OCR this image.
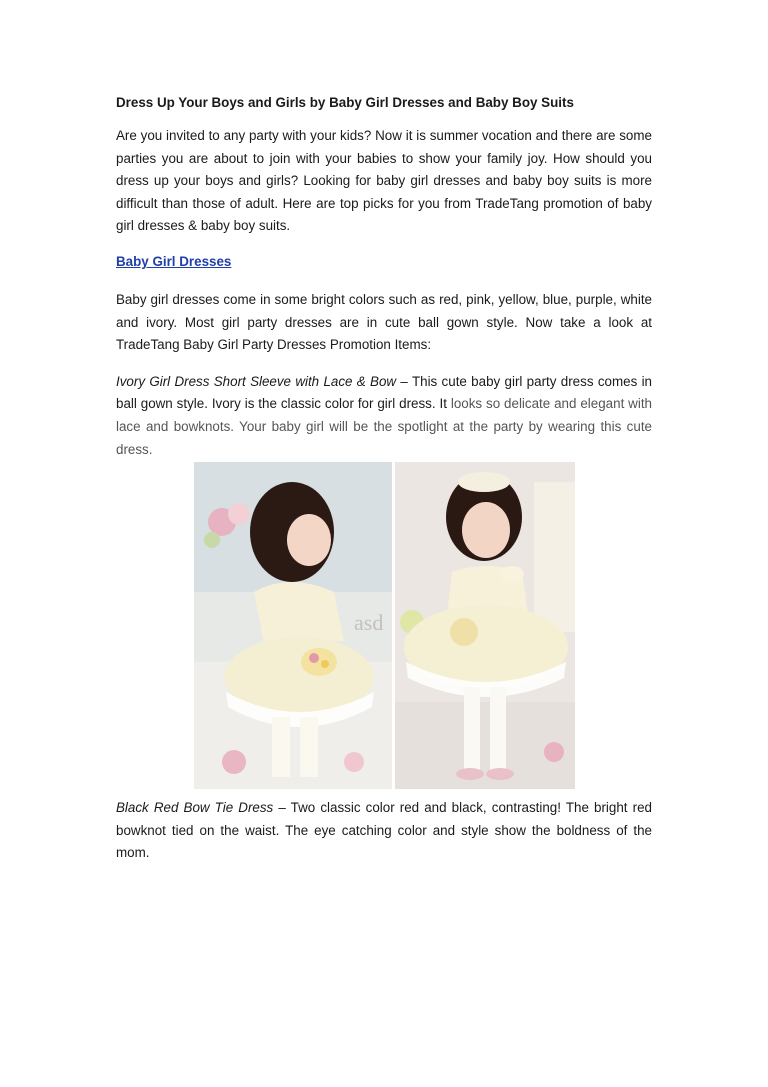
Dress Up Your Boys and Girls by Baby Girl Dresses and Baby Boy Suits

Are you invited to any party with your kids? Now it is summer vocation and there are some parties you are about to join with your babies to show your family joy. How should you dress up your boys and girls? Looking for baby girl dresses and baby boy suits is more difficult than those of adult. Here are top picks for you from TradeTang promotion of baby girl dresses & baby boy suits.

Baby Girl Dresses

Baby girl dresses come in some bright colors such as red, pink, yellow, blue, purple, white and ivory. Most girl party dresses are in cute ball gown style. Now take a look at TradeTang Baby Girl Party Dresses Promotion Items:

Ivory Girl Dress Short Sleeve with Lace & Bow – This cute baby girl party dress comes in ball gown style. Ivory is the classic color for girl dress. It looks so delicate and elegant with lace and bowknots. Your baby girl will be the spotlight at the party by wearing this cute dress.

asd

Black Red Bow Tie Dress – Two classic color red and black, contrasting! The bright red bowknot tied on the waist. The eye catching color and style show the boldness of the mom.
